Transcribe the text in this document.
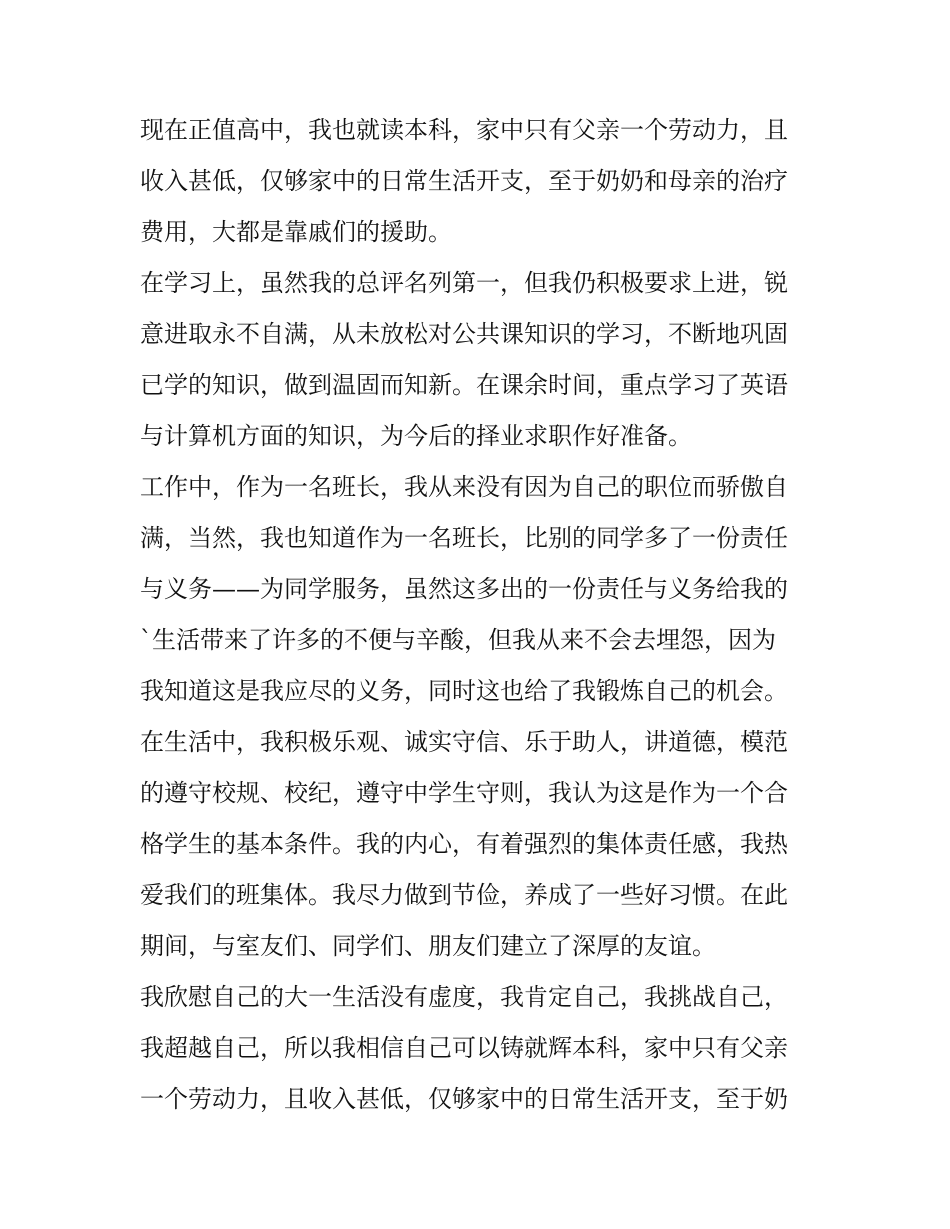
现在正值高中，我也就读本科，家中只有父亲一个劳动力，且
收入甚低，仅够家中的日常生活开支，至于奶奶和母亲的治疗
费用，大都是靠戚们的援助。
在学习上，虽然我的总评名列第一，但我仍积极要求上进，锐
意进取永不自满，从未放松对公共课知识的学习，不断地巩固
已学的知识，做到温固而知新。在课余时间，重点学习了英语
与计算机方面的知识，为今后的择业求职作好准备。
工作中，作为一名班长，我从来没有因为自己的职位而骄傲自
满，当然，我也知道作为一名班长，比别的同学多了一份责任
与义务——为同学服务，虽然这多出的一份责任与义务给我的
`生活带来了许多的不便与辛酸，但我从来不会去埋怨，因为
我知道这是我应尽的义务，同时这也给了我锻炼自己的机会。
在生活中，我积极乐观、诚实守信、乐于助人，讲道德，模范
的遵守校规、校纪，遵守中学生守则，我认为这是作为一个合
格学生的基本条件。我的内心，有着强烈的集体责任感，我热
爱我们的班集体。我尽力做到节俭，养成了一些好习惯。在此
期间，与室友们、同学们、朋友们建立了深厚的友谊。
我欣慰自己的大一生活没有虚度，我肯定自己，我挑战自己，
我超越自己，所以我相信自己可以铸就辉本科，家中只有父亲
一个劳动力，且收入甚低，仅够家中的日常生活开支，至于奶
